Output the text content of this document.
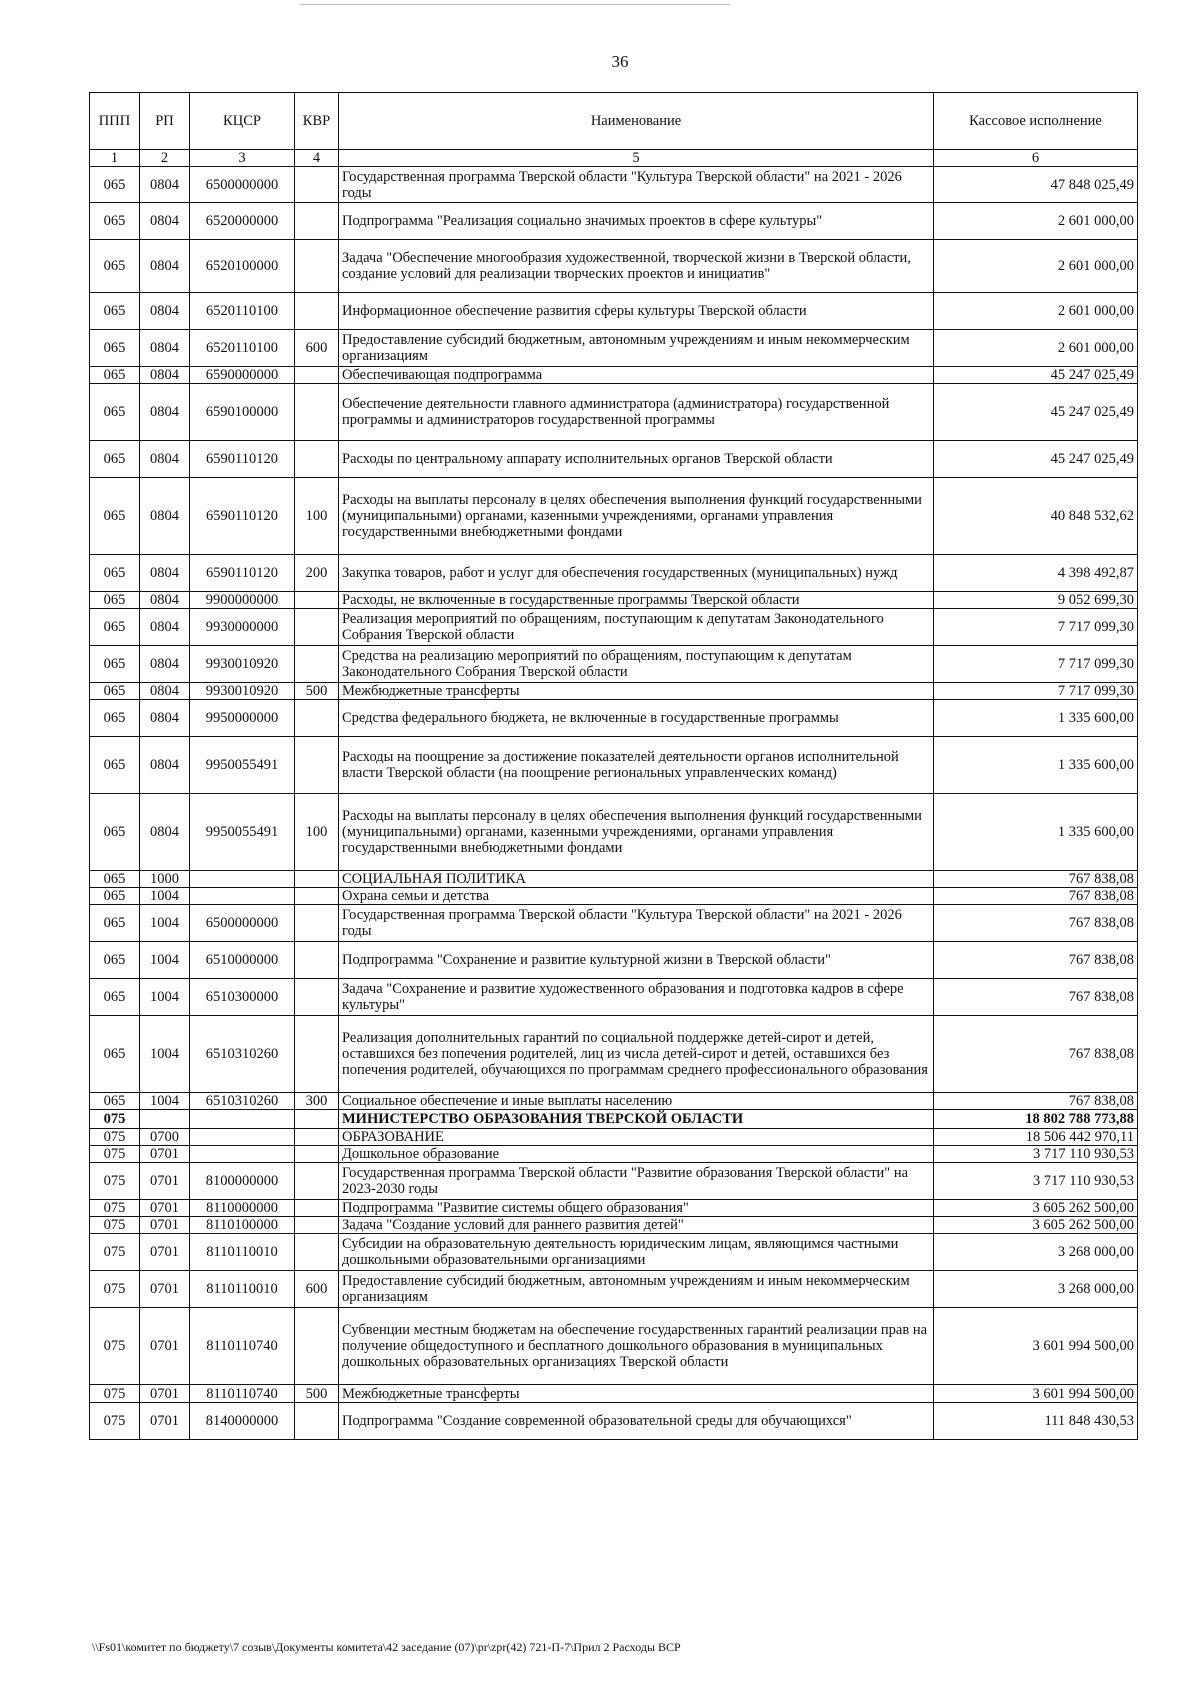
36
ППП	РП	КЦСР	КВР	Наименование	Кассовое исполнение
1	2	3	4	5	6
065	0804	6500000000		Государственная программа Тверской области "Культура Тверской области" на 2021 - 2026 годы	47 848 025,49
065	0804	6520000000		Подпрограмма "Реализация социально значимых проектов в сфере культуры"	2 601 000,00
065	0804	6520100000		Задача "Обеспечение многообразия художественной, творческой жизни в Тверской области, создание условий для реализации творческих проектов и инициатив"	2 601 000,00
065	0804	6520110100		Информационное обеспечение развития сферы культуры Тверской области	2 601 000,00
065	0804	6520110100	600	Предоставление субсидий бюджетным, автономным учреждениям и иным некоммерческим организациям	2 601 000,00
065	0804	6590000000		Обеспечивающая подпрограмма	45 247 025,49
065	0804	6590100000		Обеспечение деятельности главного администратора (администратора) государственной программы и администраторов государственной программы	45 247 025,49
065	0804	6590110120		Расходы по центральному аппарату исполнительных органов Тверской области	45 247 025,49
065	0804	6590110120	100	Расходы на выплаты персоналу в целях обеспечения выполнения функций государственными (муниципальными) органами, казенными учреждениями, органами управления государственными внебюджетными фондами	40 848 532,62
065	0804	6590110120	200	Закупка товаров, работ и услуг для обеспечения государственных (муниципальных) нужд	4 398 492,87
065	0804	9900000000		Расходы, не включенные в государственные программы Тверской области	9 052 699,30
065	0804	9930000000		Реализация мероприятий по обращениям, поступающим к депутатам Законодательного Собрания Тверской области	7 717 099,30
065	0804	9930010920		Средства на реализацию мероприятий по обращениям, поступающим к депутатам Законодательного Собрания Тверской области	7 717 099,30
065	0804	9930010920	500	Межбюджетные трансферты	7 717 099,30
065	0804	9950000000		Средства федерального бюджета, не включенные в государственные программы	1 335 600,00
065	0804	9950055491		Расходы на поощрение за достижение показателей деятельности органов исполнительной власти Тверской области (на поощрение региональных управленческих команд)	1 335 600,00
065	0804	9950055491	100	Расходы на выплаты персоналу в целях обеспечения выполнения функций государственными (муниципальными) органами, казенными учреждениями, органами управления государственными внебюджетными фондами	1 335 600,00
065	1000			СОЦИАЛЬНАЯ ПОЛИТИКА	767 838,08
065	1004			Охрана семьи и детства	767 838,08
065	1004	6500000000		Государственная программа Тверской области "Культура Тверской области" на 2021 - 2026 годы	767 838,08
065	1004	6510000000		Подпрограмма "Сохранение и развитие культурной жизни в Тверской области"	767 838,08
065	1004	6510300000		Задача "Сохранение и развитие художественного образования и подготовка кадров в сфере культуры"	767 838,08
065	1004	6510310260		Реализация дополнительных гарантий по социальной поддержке детей-сирот и детей, оставшихся без попечения родителей, лиц из числа детей-сирот и детей, оставшихся без попечения родителей, обучающихся по программам среднего профессионального образования	767 838,08
065	1004	6510310260	300	Социальное обеспечение и иные выплаты населению	767 838,08
075				МИНИСТЕРСТВО ОБРАЗОВАНИЯ ТВЕРСКОЙ ОБЛАСТИ	18 802 788 773,88
075	0700			ОБРАЗОВАНИЕ	18 506 442 970,11
075	0701			Дошкольное образование	3 717 110 930,53
075	0701	8100000000		Государственная программа Тверской области "Развитие образования Тверской области" на 2023-2030 годы	3 717 110 930,53
075	0701	8110000000		Подпрограмма "Развитие системы общего образования"	3 605 262 500,00
075	0701	8110100000		Задача "Создание условий для раннего развития детей"	3 605 262 500,00
075	0701	8110110010		Субсидии на образовательную деятельность юридическим лицам, являющимся частными дошкольными образовательными организациями	3 268 000,00
075	0701	8110110010	600	Предоставление субсидий бюджетным, автономным учреждениям и иным некоммерческим организациям	3 268 000,00
075	0701	8110110740		Субвенции местным бюджетам на обеспечение государственных гарантий реализации прав на получение общедоступного и бесплатного дошкольного образования в муниципальных дошкольных образовательных организациях Тверской области	3 601 994 500,00
075	0701	8110110740	500	Межбюджетные трансферты	3 601 994 500,00
075	0701	8140000000		Подпрограмма "Создание современной образовательной среды для обучающихся"	111 848 430,53
\\Fs01\комитет по бюджету\7 созыв\Документы комитета\42 заседание (07)\pr\zpr(42) 721-П-7\Прил 2 Расходы ВСР
